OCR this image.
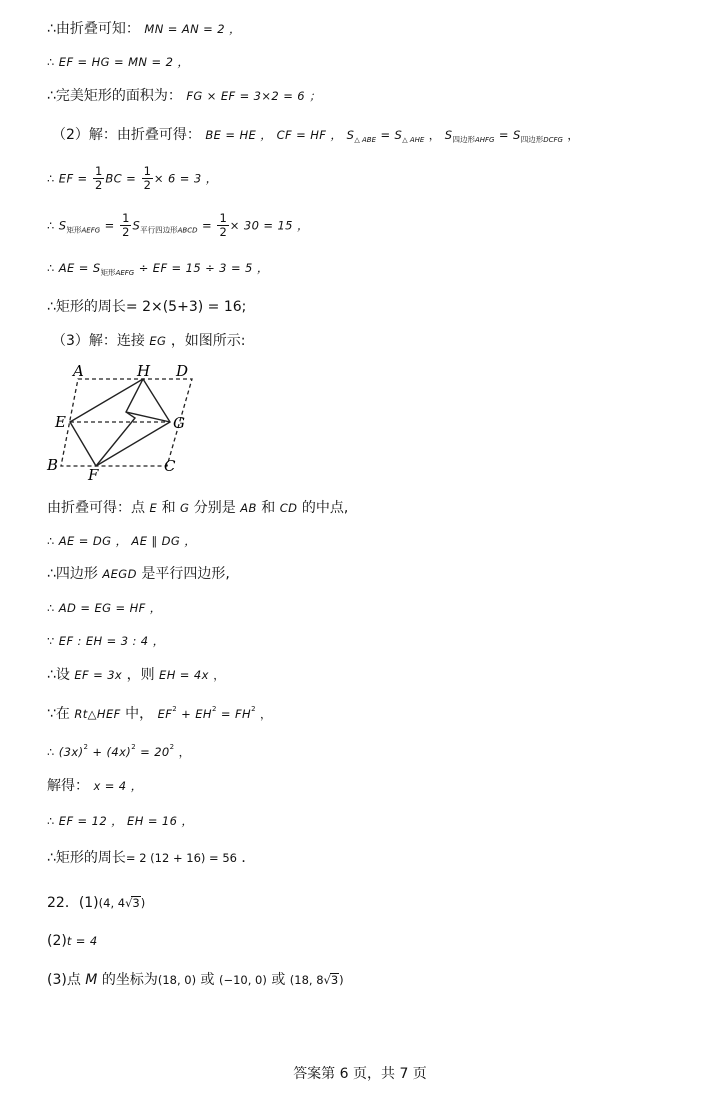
∴由折叠可知： MN = AN = 2 ，
∴ EF = HG = MN = 2 ，
∴完美矩形的面积为： FG × EF = 3×2 = 6 ；
（2）解：由折叠可得： BE = HE ， CF = HF ， $S_{\triangle ABE} = S_{\triangle AHE}$ ， $S_{四边形AHFG} = S_{四边形DCFG}$ ，
∴ EF = $\frac{1}{2}$ BC = $\frac{1}{2} \times 6 = 3$ ，
∴ $S_{矩形AEFG} = \frac{1}{2} S_{平行四边形ABCD} = \frac{1}{2} \times 30 = 15$ ，
∴ AE = $S_{矩形AEFG}$ ÷ EF = 15 ÷ 3 = 5 ，
∴矩形的周长= 2×(5+3) = 16;
（3）解：连接 EG ，如图所示:
A	H D
E	G
B
F	C
由折叠可得：点 E 和 G 分别是 AB 和 CD 的中点,
∴ AE = DG ， AE ∥ DG ，
∴四边形 AEGD 是平行四边形,
∴ AD = EG = HF ，
∵ EF : EH = 3 : 4 ，
∴设 EF = 3x ，则 EH = 4x ，
∵在 Rt△HEF 中， $EF^2 + EH^2 = FH^2$ ，
∴ $(3x)^2 + (4x)^2 = 20^2$ ，
解得： x = 4 ，
∴ EF = 12 ， EH = 16 ，
∴矩形的周长= 2 (12 + 16) = 56 ．
22．(1)(4, 4√3)
(2)t = 4
(3)点 M 的坐标为(18, 0) 或 (−10, 0) 或 (18, 8√3)
答案第 6 页，共 7 页
